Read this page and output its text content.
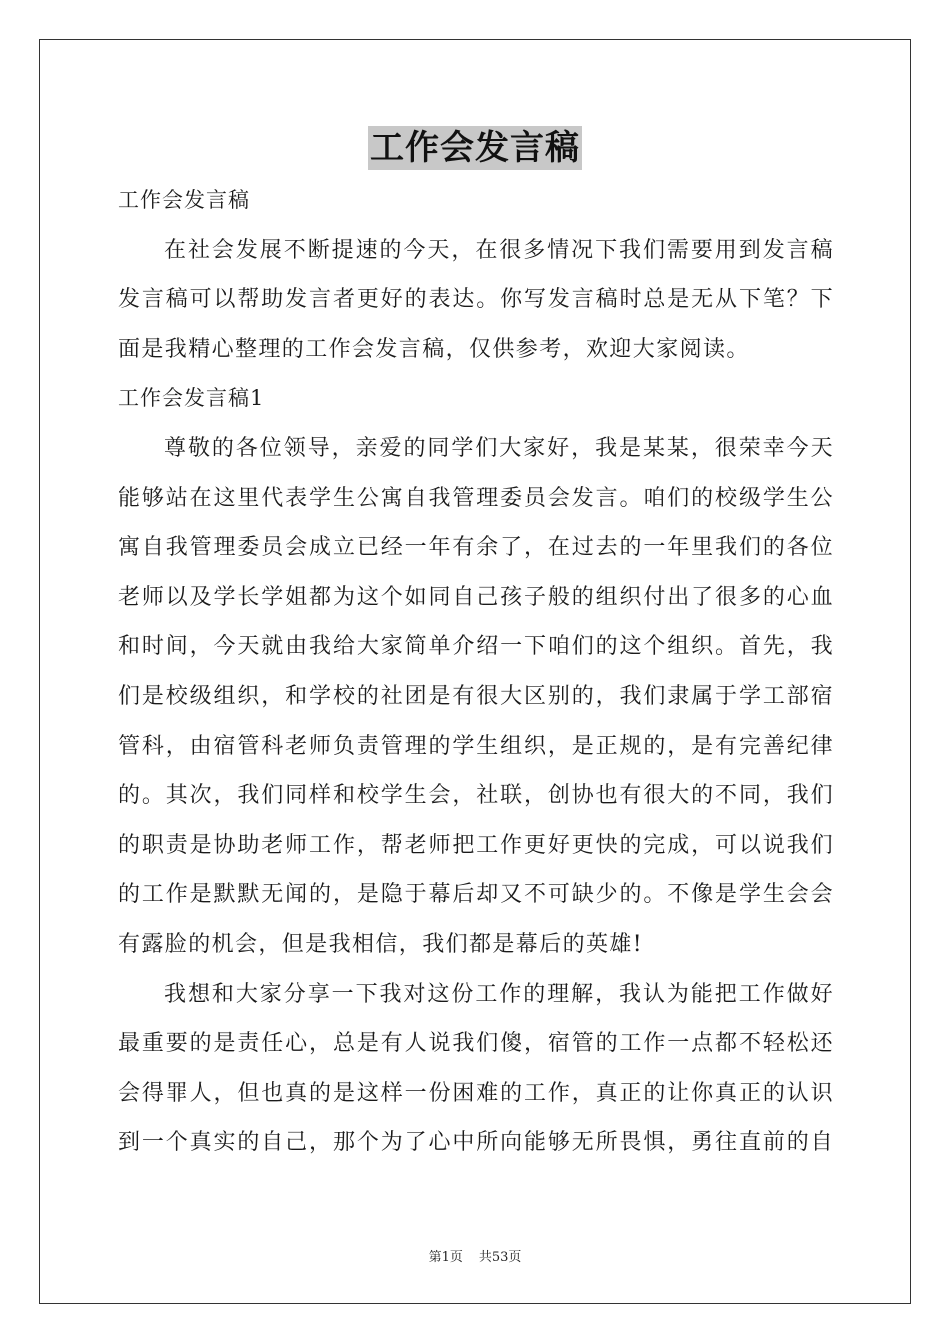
工作会发言稿
工作会发言稿
在社会发展不断提速的今天，在很多情况下我们需要用到发言稿
发言稿可以帮助发言者更好的表达。你写发言稿时总是无从下笔？下
面是我精心整理的工作会发言稿，仅供参考，欢迎大家阅读。
工作会发言稿1
尊敬的各位领导，亲爱的同学们大家好，我是某某，很荣幸今天
能够站在这里代表学生公寓自我管理委员会发言。咱们的校级学生公
寓自我管理委员会成立已经一年有余了，在过去的一年里我们的各位
老师以及学长学姐都为这个如同自己孩子般的组织付出了很多的心血
和时间，今天就由我给大家简单介绍一下咱们的这个组织。首先，我
们是校级组织，和学校的社团是有很大区别的，我们隶属于学工部宿
管科，由宿管科老师负责管理的学生组织，是正规的，是有完善纪律
的。其次，我们同样和校学生会，社联，创协也有很大的不同，我们
的职责是协助老师工作，帮老师把工作更好更快的完成，可以说我们
的工作是默默无闻的，是隐于幕后却又不可缺少的。不像是学生会会
有露脸的机会，但是我相信，我们都是幕后的英雄!
我想和大家分享一下我对这份工作的理解，我认为能把工作做好
最重要的是责任心，总是有人说我们傻，宿管的工作一点都不轻松还
会得罪人，但也真的是这样一份困难的工作，真正的让你真正的认识
到一个真实的自己，那个为了心中所向能够无所畏惧，勇往直前的自
第1页 共53页
